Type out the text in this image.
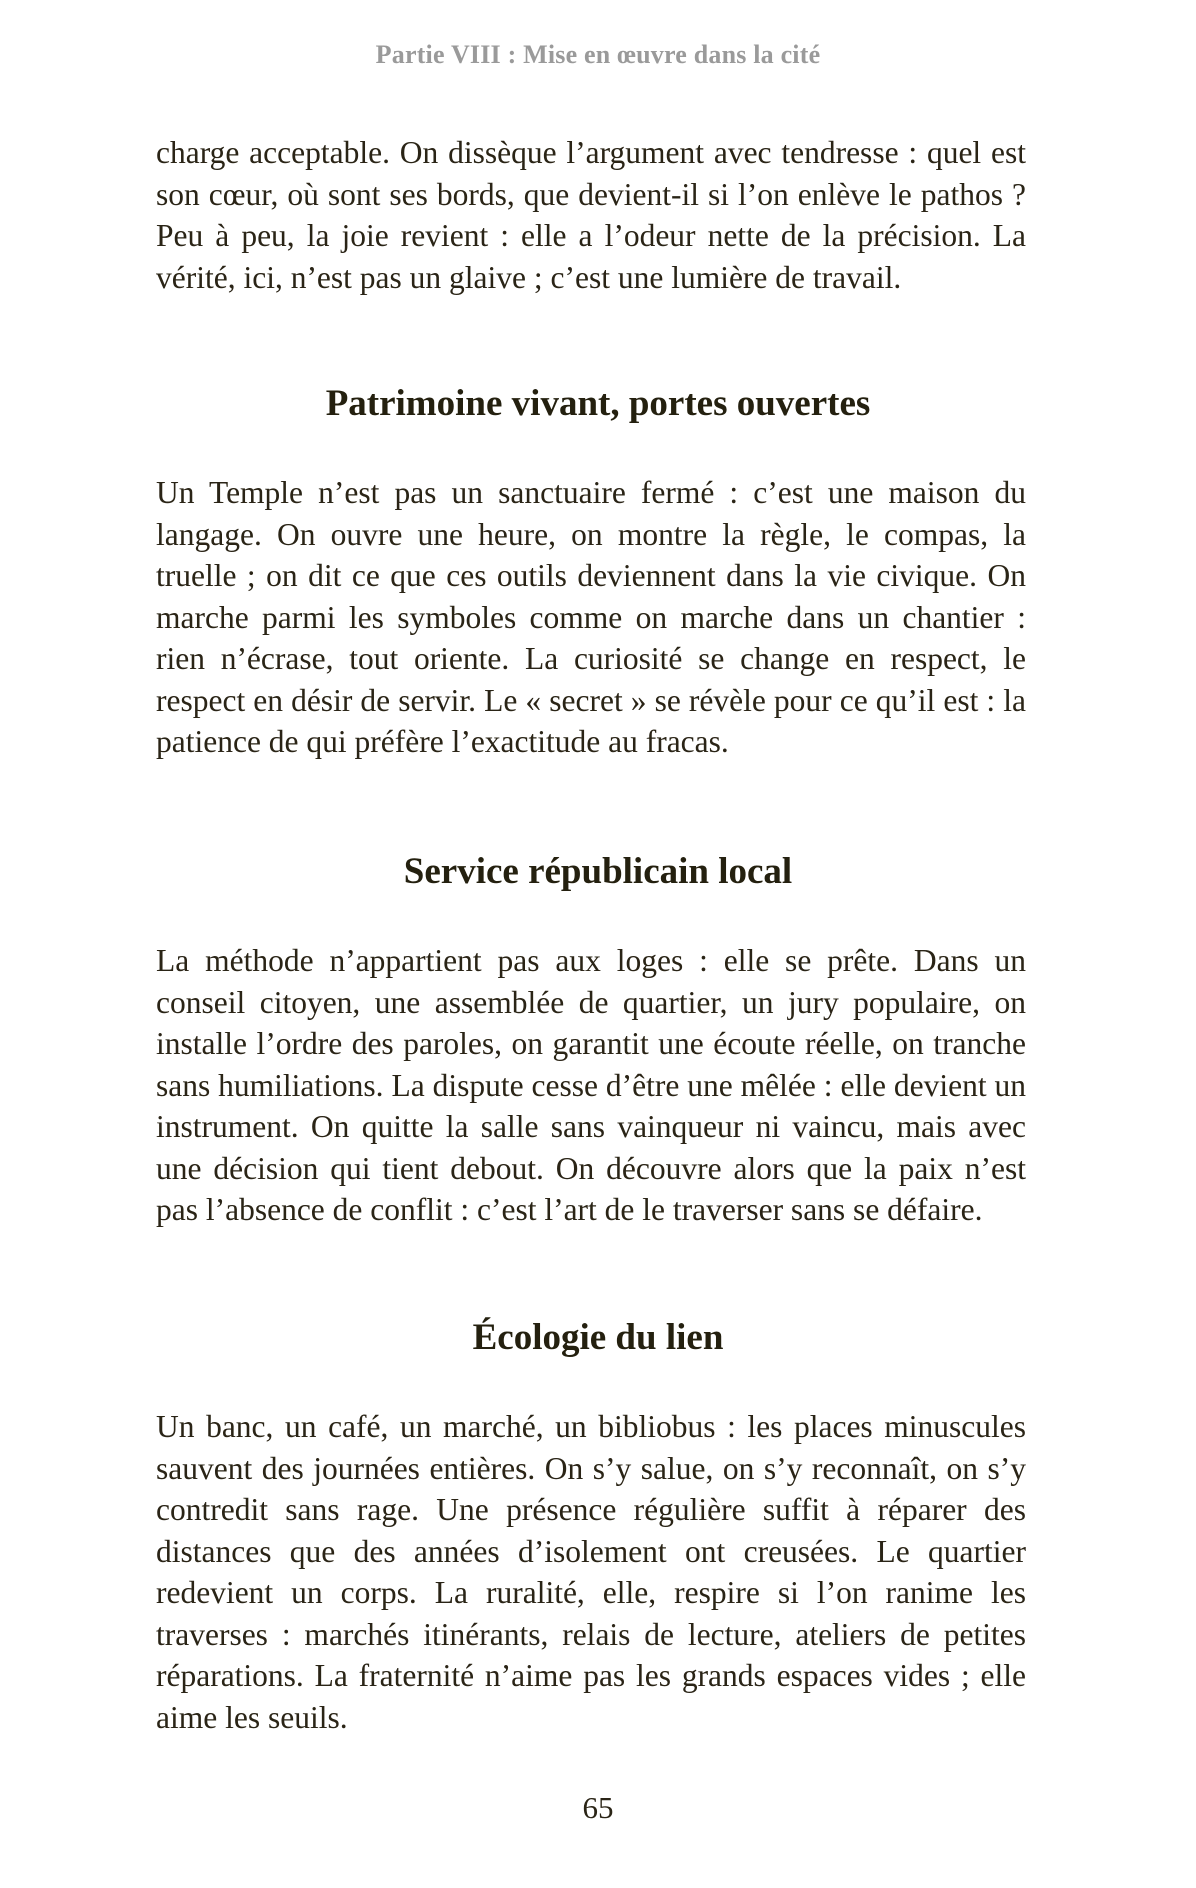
Partie VIII : Mise en œuvre dans la cité

charge acceptable. On dissèque l’argument avec tendresse : quel est son cœur, où sont ses bords, que devient-il si l’on enlève le pathos ? Peu à peu, la joie revient : elle a l’odeur nette de la précision. La vérité, ici, n’est pas un glaive ; c’est une lumière de travail.

Patrimoine vivant, portes ouvertes

Un Temple n’est pas un sanctuaire fermé : c’est une maison du langage. On ouvre une heure, on montre la règle, le compas, la truelle ; on dit ce que ces outils deviennent dans la vie civique. On marche parmi les symboles comme on marche dans un chantier : rien n’écrase, tout oriente. La curiosité se change en respect, le respect en désir de servir. Le « secret » se révèle pour ce qu’il est : la patience de qui préfère l’exactitude au fracas.

Service républicain local

La méthode n’appartient pas aux loges : elle se prête. Dans un conseil citoyen, une assemblée de quartier, un jury populaire, on installe l’ordre des paroles, on garantit une écoute réelle, on tranche sans humiliations. La dispute cesse d’être une mêlée : elle devient un instrument. On quitte la salle sans vainqueur ni vaincu, mais avec une décision qui tient debout. On découvre alors que la paix n’est pas l’absence de conflit : c’est l’art de le traverser sans se défaire.

Écologie du lien

Un banc, un café, un marché, un bibliobus : les places minuscules sauvent des journées entières. On s’y salue, on s’y reconnaît, on s’y contredit sans rage. Une présence régulière suffit à réparer des distances que des années d’isolement ont creusées. Le quartier redevient un corps. La ruralité, elle, respire si l’on ranime les traverses : marchés itinérants, relais de lecture, ateliers de petites réparations. La fraternité n’aime pas les grands espaces vides ; elle aime les seuils.

65
